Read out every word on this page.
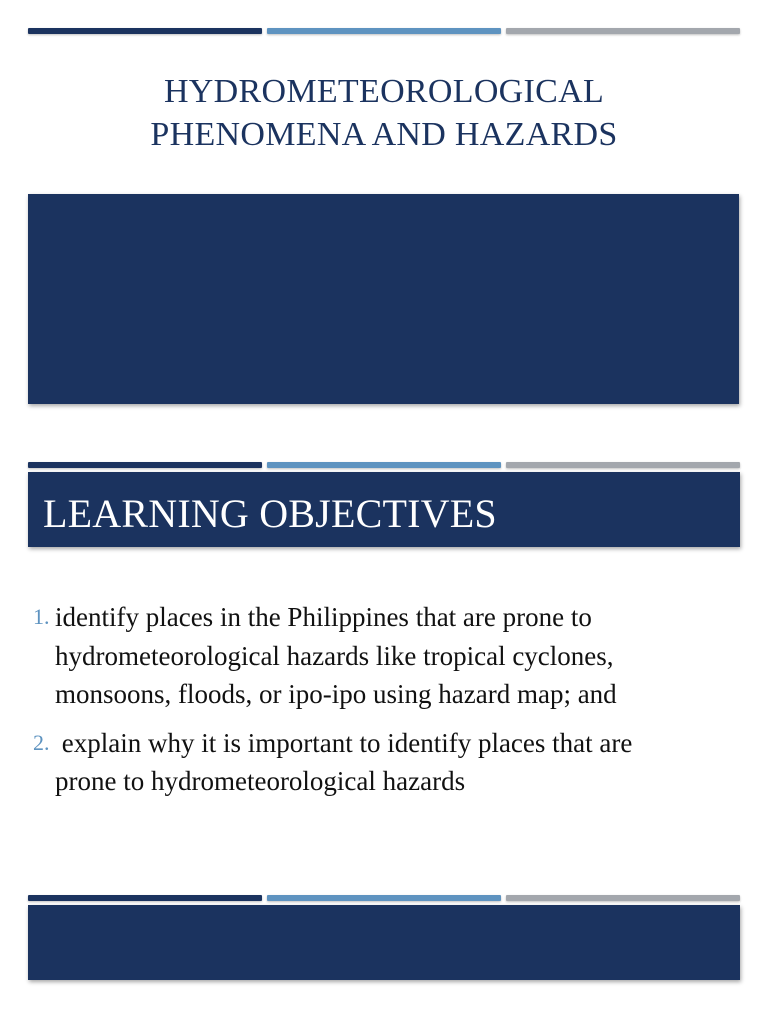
HYDROMETEOROLOGICAL
PHENOMENA AND HAZARDS
LEARNING OBJECTIVES
1. identify places in the Philippines that are prone to
hydrometeorological hazards like tropical cyclones,
monsoons, floods, or ipo-ipo using hazard map; and
2. explain why it is important to identify places that are
prone to hydrometeorological hazards
